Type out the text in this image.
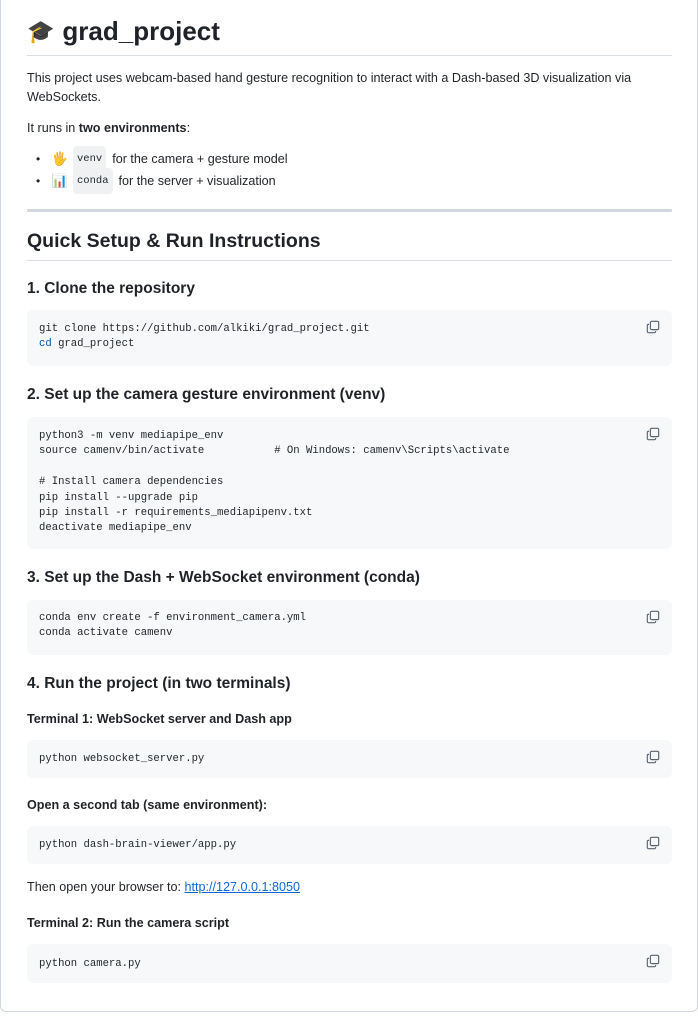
🎓 grad_project
This project uses webcam-based hand gesture recognition to interact with a Dash-based 3D visualization via WebSockets.
It runs in two environments:
• 🖐 venv for the camera + gesture model
• 📊 conda for the server + visualization
Quick Setup & Run Instructions
1. Clone the repository
git clone https://github.com/alkiki/grad_project.git
cd grad_project
2. Set up the camera gesture environment (venv)
python3 -m venv mediapipe_env
source camenv/bin/activate           # On Windows: camenv\Scripts\activate

# Install camera dependencies
pip install --upgrade pip
pip install -r requirements_mediapipenv.txt
deactivate mediapipe_env
3. Set up the Dash + WebSocket environment (conda)
conda env create -f environment_camera.yml
conda activate camenv
4. Run the project (in two terminals)
Terminal 1: WebSocket server and Dash app
python websocket_server.py
Open a second tab (same environment):
python dash-brain-viewer/app.py
Then open your browser to: http://127.0.0.1:8050
Terminal 2: Run the camera script
python camera.py
